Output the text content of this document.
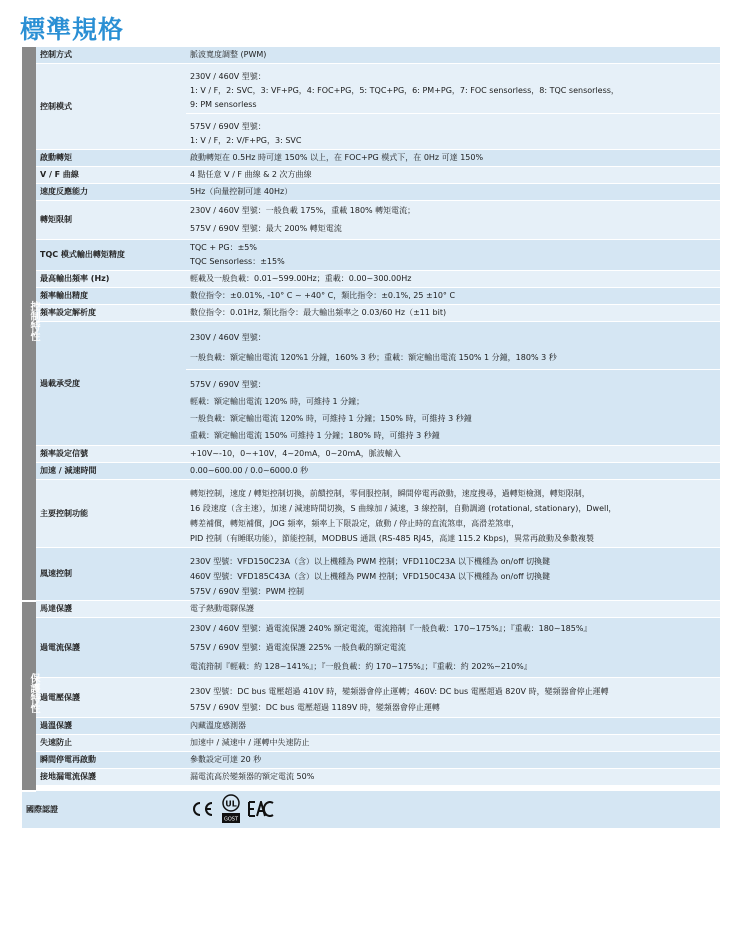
標準規格
控制特性	控制方式	脈波寬度調整 (PWM)
	控制模式	230V / 460V 型號：
1: V / F，2: SVC，3: VF+PG，4: FOC+PG，5: TQC+PG，6: PM+PG，7: FOC sensorless，8: TQC sensorless，
9: PM sensorless

		575V / 690V 型號：
1: V / F，2: V/F+PG，3: SVC

	啟動轉矩	啟動轉矩在 0.5Hz 時可達 150% 以上，在 FOC+PG 模式下，在 0Hz 可達 150%
	V / F 曲線	4 點任意 V / F 曲線 & 2 次方曲線
	速度反應能力	5Hz（向量控制可達 40Hz）
	轉矩限制	230V / 460V 型號：一般負載 175%，重載 180% 轉矩電流；
575V / 690V 型號：最大 200% 轉矩電流

	TQC 模式輸出轉矩精度	TQC + PG：±5%
TQC Sensorless：±15%

	最高輸出頻率 (Hz)	輕載及一般負載：0.01~599.00Hz；重載：0.00~300.00Hz
	頻率輸出精度	數位指令：±0.01%, -10° C ~ +40° C，類比指令：±0.1%, 25 ±10° C
	頻率設定解析度	數位指令：0.01Hz, 類比指令：最大輸出頻率之 0.03/60 Hz（±11 bit)
	過載承受度	230V / 460V 型號：
一般負載：額定輸出電流 120%1 分鐘，160% 3 秒；重載：額定輸出電流 150% 1 分鐘，180% 3 秒

		575V / 690V 型號：
輕載：額定輸出電流 120% 時，可維持 1 分鐘；
一般負載：額定輸出電流 120% 時，可維持 1 分鐘；150% 時，可維持 3 秒鐘
重載：額定輸出電流 150% 可維持 1 分鐘；180% 時，可維持 3 秒鐘

	頻率設定信號	+10V~-10，0~+10V，4~20mA，0~20mA，脈波輸入
	加速 / 減速時間	0.00~600.00 / 0.0~6000.0 秒
	主要控制功能	轉矩控制，速度 / 轉矩控制切換，前饋控制，零伺服控制，瞬間停電再啟動，速度搜尋，過轉矩檢測，轉矩限制，
16 段速度（含主速），加速 / 減速時間切換，S 曲線加 / 減速，3 線控制，自動調適 (rotational, stationary)，Dwell，
轉差補償，轉矩補償，JOG 頻率，頻率上下限設定，啟動 / 停止時的直流煞車，高滑差煞車，
PID 控制（有睡眠功能），節能控制，MODBUS 通訊 (RS-485 RJ45，高達 115.2 Kbps)，異常再啟動及參數複製

	風速控制	230V 型號：VFD150C23A（含）以上機種為 PWM 控制；VFD110C23A 以下機種為 on/off 切換鍵
460V 型號：VFD185C43A（含）以上機種為 PWM 控制；VFD150C43A 以下機種為 on/off 切換鍵
575V / 690V 型號：PWM 控制

保護特性	馬達保護	電子熱動電驛保護
	過電流保護	230V / 460V 型號：過電流保護 240% 額定電流，電流箝制『一般負載：170~175%』；『重載：180~185%』
575V / 690V 型號：過電流保護 225% 一般負載的額定電流
電流箝制『輕載：約 128~141%』；『一般負載：約 170~175%』；『重載：約 202%~210%』

	過電壓保護	230V 型號：DC bus 電壓超過 410V 時，變頻器會停止運轉；460V: DC bus 電壓超過 820V 時，變頻器會停止運轉
575V / 690V 型號：DC bus 電壓超過 1189V 時，變頻器會停止運轉

	過溫保護	內藏溫度感測器
	失速防止	加速中 / 減速中 / 運轉中失速防止
	瞬間停電再啟動	參數設定可達 20 秒
	接地漏電流保護	漏電流高於變頻器的額定電流 50%

國際認證		UL
GOST
